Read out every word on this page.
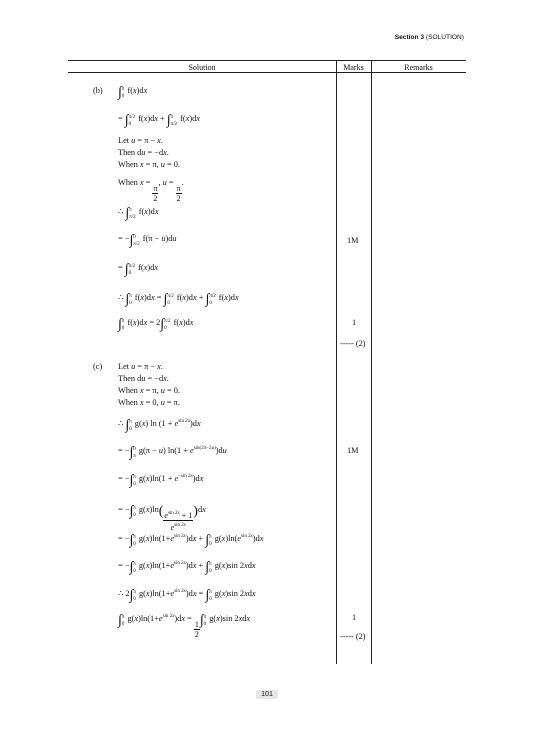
Section 3 (SOLUTION)
Solution	Marks	Remarks
(b) ∫ π
0
f(x)dx
= ∫ π/2
0
f(x)dx + ∫ π
π/2
f(x)dx
Let u = π − x.
Then du = −dx.
When x = π, u = 0.
When x =
$\frac{\pi}{2}$
, u =
$\frac{\pi}{2}$
.
∴ ∫ π
π/2
f(x)dx
= −∫ 0
π/2
f(π − u)du
= ∫ π/2
0
f(x)dx
∴ ∫ π
0
f(x)dx = ∫ π/2
0
f(x)dx + ∫ π/2
0
f(x)dx
∫ π
0
f(x)dx = 2∫ π/2
0
f(x)dx
1M
1
----- (2)
(c) Let u = π − x.
Then du = −dx.
When x = π, u = 0.
When x = 0, u = π.
∴ ∫ π
0
g(x) $\ln (1 + e^{sin 2x})dx$
= −∫ 0
π
g(π − u) $\ln(1 + e^{sin(2\pi-2u)})du$
= −∫ π
0
$g(x)\ln(1 + e^{-sin 2x})dx$
= −∫ π
0
$g(x)\ln( \frac{e^{sin 2x} + 1}{e^{sin 2x}} )dx$
= −∫ π
0
$g(x)\ln(1+e^{sin 2x})dx$ + ∫ π
0
$g(x)\ln(e^{sin 2x})dx$
= −∫ π
0
$g(x)\ln(1+e^{sin 2x})dx$ + ∫ π
0
g(x)sin 2xdx
∴ 2∫ π
0
$g(x)\ln(1+e^{sin 2x})dx$ = ∫ π
0
g(x)sin 2xdx
∫ π
0
$g(x)\ln(1+e^{sin 2x})dx$ =
$\frac{1}{2}$ ∫ π
0
g(x)sin 2xdx
1M
1
----- (2)
101
